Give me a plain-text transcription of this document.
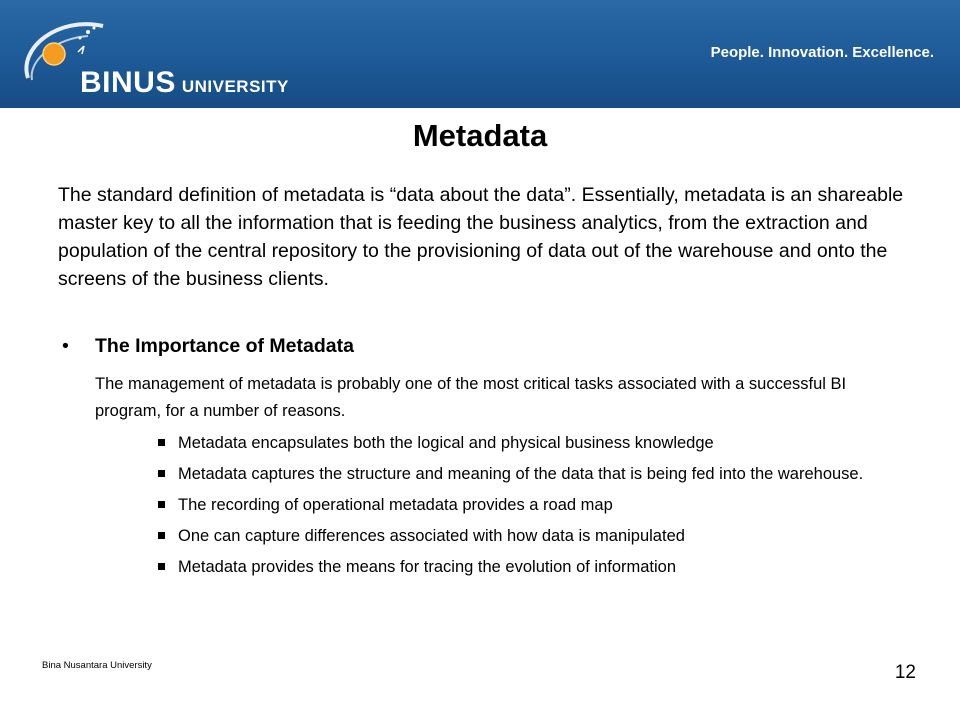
BINUS UNIVERSITY
People. Innovation. Excellence.
Metadata
The standard definition of metadata is “data about the data”. Essentially, metadata is an shareable master key to all the information that is feeding the business analytics, from the extraction and population of the central repository to the provisioning of data out of the warehouse and onto the screens of the business clients.
• The Importance of Metadata
The management of metadata is probably one of the most critical tasks associated with a successful BI program, for a number of reasons.
Metadata encapsulates both the logical and physical business knowledge
Metadata captures the structure and meaning of the data that is being fed into the warehouse.
The recording of operational metadata provides a road map
One can capture differences associated with how data is manipulated
Metadata provides the means for tracing the evolution of information
Bina Nusantara University	12
